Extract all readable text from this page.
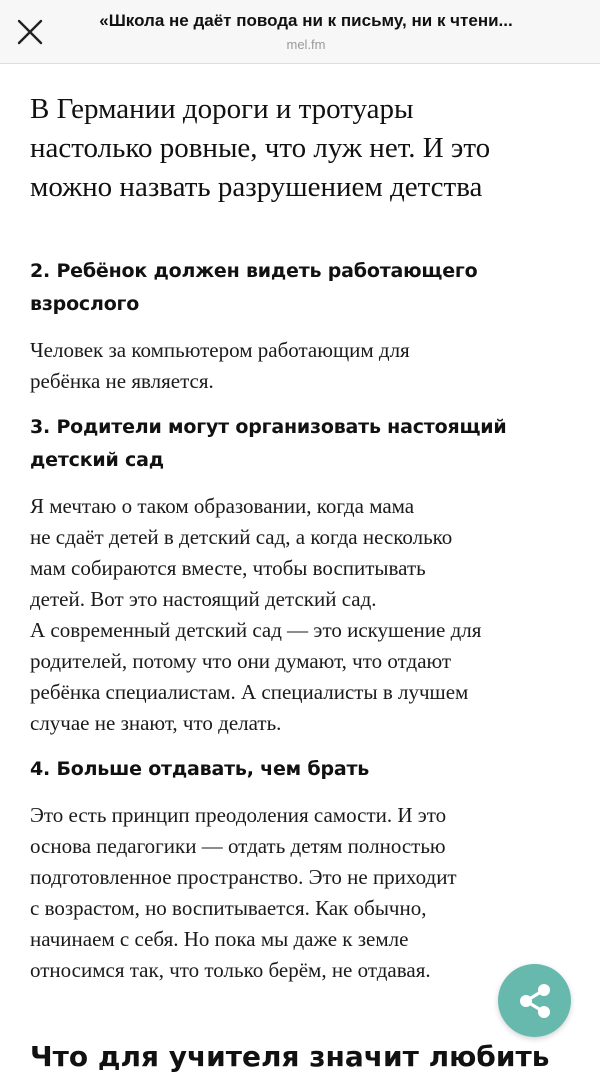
«Школа не даёт повода ни к письму, ни к чтени...
mel.fm
В Германии дороги и тротуары
настолько ровные, что луж нет. И это
можно назвать разрушением детства
2. Ребёнок должен видеть работающего
взрослого

Человек за компьютером работающим для
ребёнка не является.

3. Родители могут организовать настоящий
детский сад

Я мечтаю о таком образовании, когда мама
не сдаёт детей в детский сад, а когда несколько
мам собираются вместе, чтобы воспитывать
детей. Вот это настоящий детский сад.
А современный детский сад — это искушение для
родителей, потому что они думают, что отдают
ребёнка специалистам. А специалисты в лучшем
случае не знают, что делать.

4. Больше отдавать, чем брать

Это есть принцип преодоления самости. И это
основа педагогики — отдать детям полностью
подготовленное пространство. Это не приходит
с возрастом, но воспитывается. Как обычно,
начинаем с себя. Но пока мы даже к земле
относимся так, что только берём, не отдавая.

Что для учителя значит любить
